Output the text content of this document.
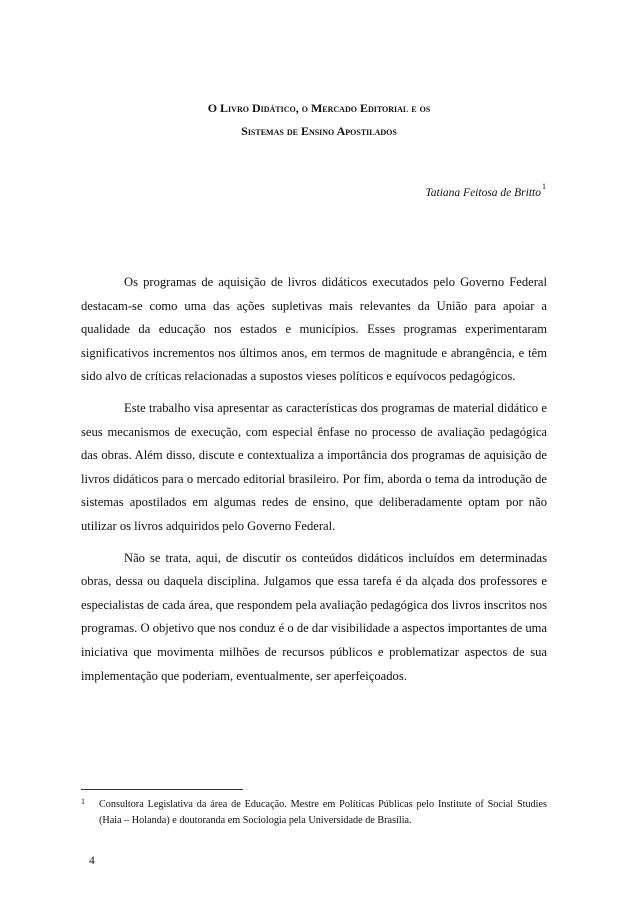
O Livro Didático, o Mercado Editorial e os
Sistemas de Ensino Apostilados
Tatiana Feitosa de Britto$^1$

Os programas de aquisição de livros didáticos executados pelo Governo Federal destacam-se como uma das ações supletivas mais relevantes da União para apoiar a qualidade da educação nos estados e municípios. Esses programas experimentaram significativos incrementos nos últimos anos, em termos de magnitude e abrangência, e têm sido alvo de críticas relacionadas a supostos vieses políticos e equívocos pedagógicos.

Este trabalho visa apresentar as características dos programas de material didático e seus mecanismos de execução, com especial ênfase no processo de avaliação pedagógica das obras. Além disso, discute e contextualiza a importância dos programas de aquisição de livros didáticos para o mercado editorial brasileiro. Por fim, aborda o tema da introdução de sistemas apostilados em algumas redes de ensino, que deliberadamente optam por não utilizar os livros adquiridos pelo Governo Federal.

Não se trata, aqui, de discutir os conteúdos didáticos incluídos em determinadas obras, dessa ou daquela disciplina. Julgamos que essa tarefa é da alçada dos professores e especialistas de cada área, que respondem pela avaliação pedagógica dos livros inscritos nos programas. O objetivo que nos conduz é o de dar visibilidade a aspectos importantes de uma iniciativa que movimenta milhões de recursos públicos e problematizar aspectos de sua implementação que poderiam, eventualmente, ser aperfeiçoados.

1	Consultora Legislativa da área de Educação. Mestre em Políticas Públicas pelo Institute of Social Studies (Haia – Holanda) e doutoranda em Sociologia pela Universidade de Brasília.
4
